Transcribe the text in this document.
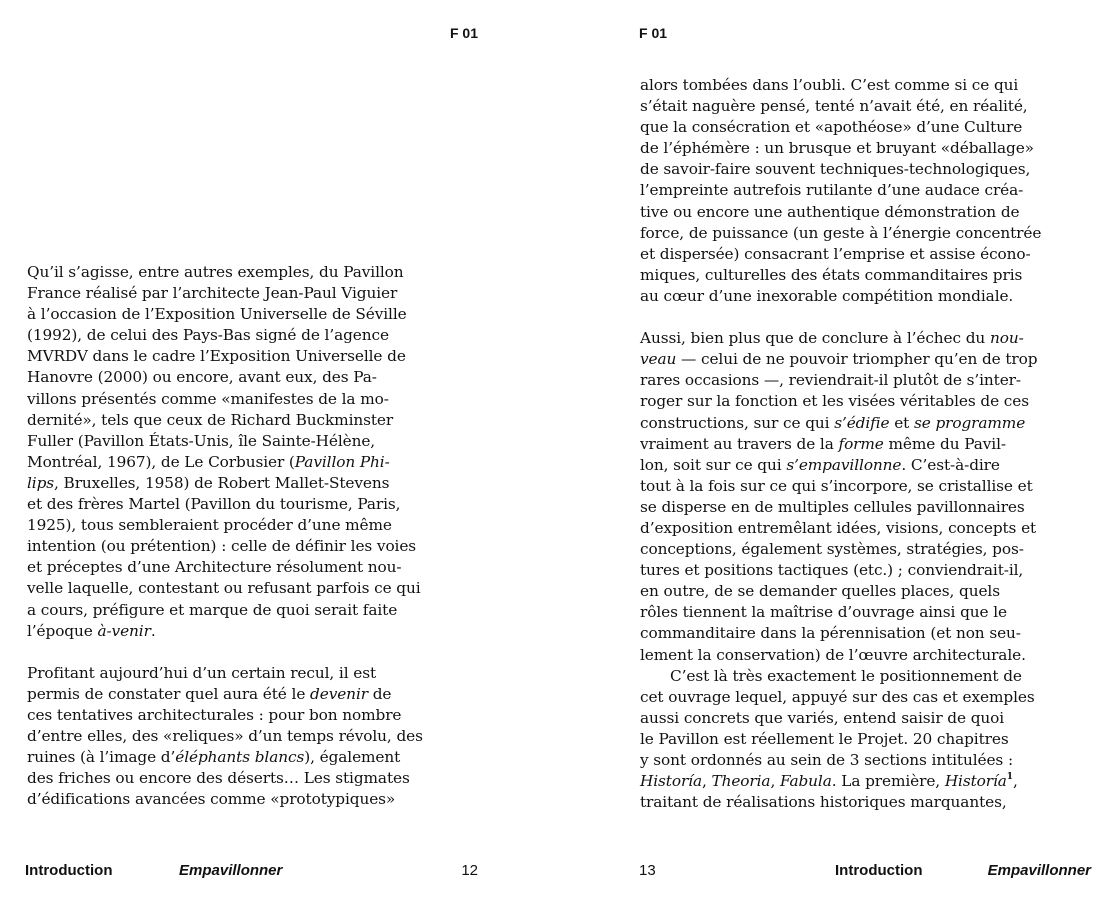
F 01
Qu’il s’agisse, entre autres exemples, du Pavillon
France réalisé par l’architecte Jean-Paul Viguier
à l’occasion de l’Exposition Universelle de Séville
(1992), de celui des Pays-Bas signé de l’agence
MVRDV dans le cadre l’Exposition Universelle de
Hanovre (2000) ou encore, avant eux, des Pa-
villons présentés comme «manifestes de la mo-
dernité», tels que ceux de Richard Buckminster
Fuller (Pavillon États-Unis, île Sainte-Hélène,
Montréal, 1967), de Le Corbusier (Pavillon Phi-
lips, Bruxelles, 1958) de Robert Mallet-Stevens
et des frères Martel (Pavillon du tourisme, Paris,
1925), tous sembleraient procéder d’une même
intention (ou prétention) : celle de définir les voies
et préceptes d’une Architecture résolument nou-
velle laquelle, contestant ou refusant parfois ce qui
a cours, préfigure et marque de quoi serait faite
l’époque à-venir.
Profitant aujourd’hui d’un certain recul, il est
permis de constater quel aura été le devenir de
ces tentatives architecturales : pour bon nombre
d’entre elles, des «reliques» d’un temps révolu, des
ruines (à l’image d’éléphants blancs), également
des friches ou encore des déserts… Les stigmates
d’édifications avancées comme «prototypiques»
Introduction	Empavillonner	12
F 01
alors tombées dans l’oubli. C’est comme si ce qui
s’était naguère pensé, tenté n’avait été, en réalité,
que la consécration et «apothéose» d’une Culture
de l’éphémère : un brusque et bruyant «déballage»
de savoir-faire souvent techniques-technologiques,
l’empreinte autrefois rutilante d’une audace créa-
tive ou encore une authentique démonstration de
force, de puissance (un geste à l’énergie concentrée
et dispersée) consacrant l’emprise et assise écono-
miques, culturelles des états commanditaires pris
au cœur d’une inexorable compétition mondiale.
Aussi, bien plus que de conclure à l’échec du nou-
veau — celui de ne pouvoir triompher qu’en de trop
rares occasions —, reviendrait-il plutôt de s’inter-
roger sur la fonction et les visées véritables de ces
constructions, sur ce qui s’édifie et se programme
vraiment au travers de la forme même du Pavil-
lon, soit sur ce qui s’empavillonne. C’est-à-dire
tout à la fois sur ce qui s’incorpore, se cristallise et
se disperse en de multiples cellules pavillonnaires
d’exposition entremêlant idées, visions, concepts et
conceptions, également systèmes, stratégies, pos-
tures et positions tactiques (etc.) ; conviendrait-il,
en outre, de se demander quelles places, quels
rôles tiennent la maîtrise d’ouvrage ainsi que le
commanditaire dans la pérennisation (et non seu-
lement la conservation) de l’œuvre architecturale.
C’est là très exactement le positionnement de
cet ouvrage lequel, appuyé sur des cas et exemples
aussi concrets que variés, entend saisir de quoi
le Pavillon est réellement le Projet. 20 chapitres
y sont ordonnés au sein de 3 sections intitulées :
Historía, Theoria, Fabula. La première, Historía$^1$,
traitant de réalisations historiques marquantes,
13	Introduction	Empavillonner
